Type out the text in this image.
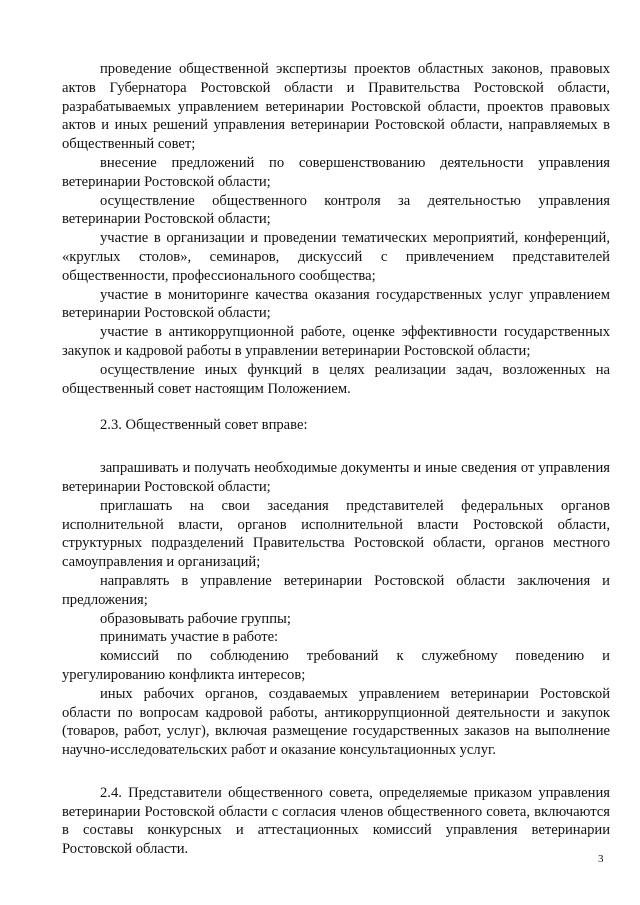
проведение общественной экспертизы проектов областных законов, правовых актов Губернатора Ростовской области и Правительства Ростовской области, разрабатываемых управлением ветеринарии Ростовской области, проектов правовых актов и иных решений управления ветеринарии Ростовской области, направляемых в общественный совет;

внесение предложений по совершенствованию деятельности управления ветеринарии Ростовской области;

осуществление общественного контроля за деятельностью управления ветеринарии Ростовской области;

участие в организации и проведении тематических мероприятий, конференций, «круглых столов», семинаров, дискуссий с привлечением представителей общественности, профессионального сообщества;

участие в мониторинге качества оказания государственных услуг управлением ветеринарии Ростовской области;

участие в антикоррупционной работе, оценке эффективности государственных закупок и кадровой работы в управлении ветеринарии Ростовской области;

осуществление иных функций в целях реализации задач, возложенных на общественный совет настоящим Положением.

2.3. Общественный совет вправе:

запрашивать и получать необходимые документы и иные сведения от управления ветеринарии Ростовской области;

приглашать на свои заседания представителей федеральных органов исполнительной власти, органов исполнительной власти Ростовской области, структурных подразделений Правительства Ростовской области, органов местного самоуправления и организаций;

направлять в управление ветеринарии Ростовской области заключения и предложения;

образовывать рабочие группы;

принимать участие в работе:

комиссий по соблюдению требований к служебному поведению и урегулированию конфликта интересов;

иных рабочих органов, создаваемых управлением ветеринарии Ростовской области по вопросам кадровой работы, антикоррупционной деятельности и закупок (товаров, работ, услуг), включая размещение государственных заказов на выполнение научно-исследовательских работ и оказание консультационных услуг.

2.4. Представители общественного совета, определяемые приказом управления ветеринарии Ростовской области с согласия членов общественного совета, включаются в составы конкурсных и аттестационных комиссий управления ветеринарии Ростовской области.

3
